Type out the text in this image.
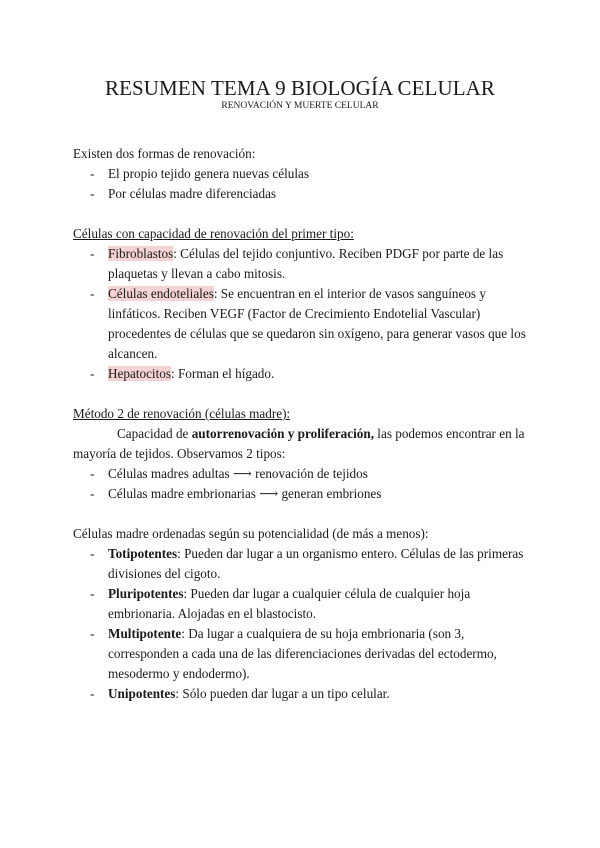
RESUMEN TEMA 9 BIOLOGÍA CELULAR
RENOVACIÓN Y MUERTE CELULAR

Existen dos formas de renovación:

- El propio tejido genera nuevas células
- Por células madre diferenciadas

Células con capacidad de renovación del primer tipo:

- Fibroblastos: Células del tejido conjuntivo. Reciben PDGF por parte de las plaquetas y llevan a cabo mitosis.
- Células endoteliales: Se encuentran en el interior de vasos sanguíneos y linfáticos. Reciben VEGF (Factor de Crecimiento Endotelial Vascular) procedentes de células que se quedaron sin oxígeno, para generar vasos que los alcancen.
- Hepatocitos: Forman el hígado.

Método 2 de renovación (células madre):

Capacidad de autorrenovación y proliferación, las podemos encontrar en la mayoría de tejidos. Observamos 2 tipos:

- Células madres adultas ⟶ renovación de tejidos
- Células madre embrionarias ⟶ generan embriones

Células madre ordenadas según su potencialidad (de más a menos):

- Totipotentes: Pueden dar lugar a un organismo entero. Células de las primeras divisiones del cigoto.
- Pluripotentes: Pueden dar lugar a cualquier célula de cualquier hoja embrionaria. Alojadas en el blastocisto.
- Multipotente: Da lugar a cualquiera de su hoja embrionaria (son 3, corresponden a cada una de las diferenciaciones derivadas del ectodermo, mesodermo y endodermo).
- Unipotentes: Sólo pueden dar lugar a un tipo celular.
